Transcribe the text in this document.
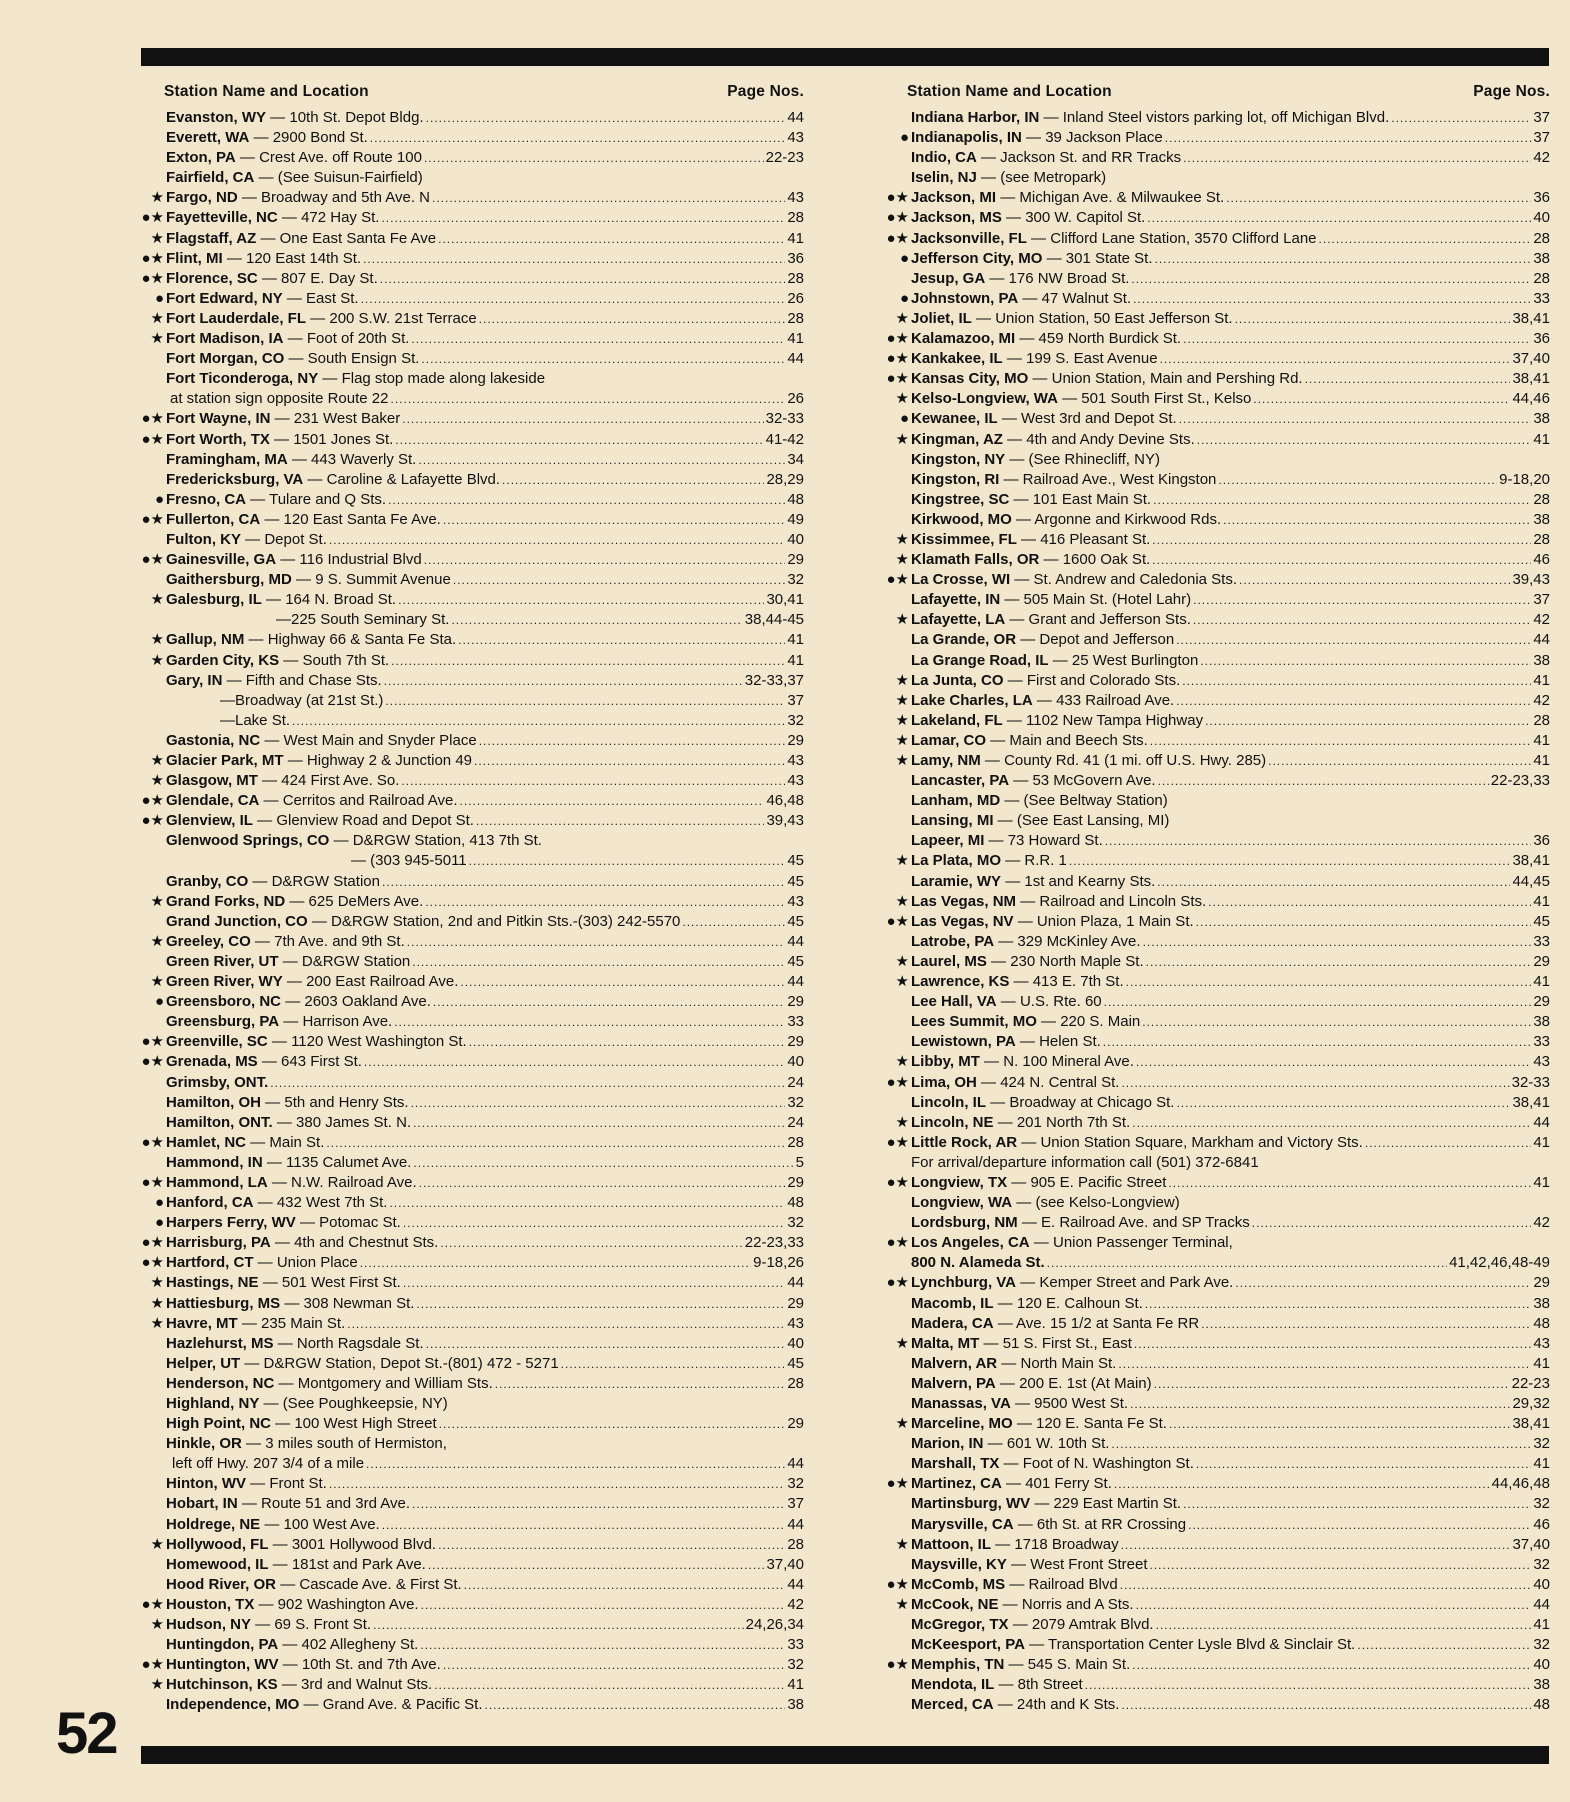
Station Name and Location	Page Nos.
Evanston, WY — 10th St. Depot Bldg. .....	44
Everett, WA — 2900 Bond St. .....	43
Exton, PA — Crest Ave. off Route 100 .....	22-23
Fairfield, CA — (See Suisun-Fairfield)
★ Fargo, ND — Broadway and 5th Ave. N .....	43
●★ Fayetteville, NC — 472 Hay St. .....	28
★ Flagstaff, AZ — One East Santa Fe Ave .....	41
●★ Flint, MI — 120 East 14th St. .....	36
●★ Florence, SC — 807 E. Day St. .....	28
● Fort Edward, NY — East St. .....	26
★ Fort Lauderdale, FL — 200 S.W. 21st Terrace .....	28
★ Fort Madison, IA — Foot of 20th St. .....	41
Fort Morgan, CO — South Ensign St. .....	44
Fort Ticonderoga, NY — Flag stop made along lakeside
at station sign opposite Route 22 .....	26
●★ Fort Wayne, IN — 231 West Baker .....	32-33
●★ Fort Worth, TX — 1501 Jones St. .....	41-42
Framingham, MA — 443 Waverly St. .....	34
Fredericksburg, VA — Caroline & Lafayette Blvd. .....	28,29
● Fresno, CA — Tulare and Q Sts. .....	48
●★ Fullerton, CA — 120 East Santa Fe Ave. .....	49
Fulton, KY — Depot St. .....	40
●★ Gainesville, GA — 116 Industrial Blvd .....	29
Gaithersburg, MD — 9 S. Summit Avenue .....	32
★ Galesburg, IL — 164 N. Broad St. .....	30,41
—225 South Seminary St. .....	38,44-45
★ Gallup, NM — Highway 66 & Santa Fe Sta. .....	41
★ Garden City, KS — South 7th St. .....	41
Gary, IN — Fifth and Chase Sts. .....	32-33,37
—Broadway (at 21st St.) .....	37
—Lake St. .....	32
Gastonia, NC — West Main and Snyder Place .....	29
★ Glacier Park, MT — Highway 2 & Junction 49 .....	43
★ Glasgow, MT — 424 First Ave. So. .....	43
●★ Glendale, CA — Cerritos and Railroad Ave. .....	46,48
●★ Glenview, IL — Glenview Road and Depot St. .....	39,43
Glenwood Springs, CO — D&RGW Station, 413 7th St.
— (303 945-5011 .....	45
Granby, CO — D&RGW Station .....	45
★ Grand Forks, ND — 625 DeMers Ave. .....	43
Grand Junction, CO — D&RGW Station, 2nd and Pitkin Sts.-(303) 242-5570 .....	45
★ Greeley, CO — 7th Ave. and 9th St. .....	44
Green River, UT — D&RGW Station .....	45
★ Green River, WY — 200 East Railroad Ave. .....	44
● Greensboro, NC — 2603 Oakland Ave. .....	29
Greensburg, PA — Harrison Ave. .....	33
●★ Greenville, SC — 1120 West Washington St. .....	29
●★ Grenada, MS — 643 First St. .....	40
Grimsby, ONT. .....	24
Hamilton, OH — 5th and Henry Sts. .....	32
Hamilton, ONT. — 380 James St. N. .....	24
●★ Hamlet, NC — Main St. .....	28
Hammond, IN — 1135 Calumet Ave. .....	5
●★ Hammond, LA — N.W. Railroad Ave. .....	29
● Hanford, CA — 432 West 7th St. .....	48
● Harpers Ferry, WV — Potomac St. .....	32
●★ Harrisburg, PA — 4th and Chestnut Sts. .....	22-23,33
●★ Hartford, CT — Union Place .....	9-18,26
★ Hastings, NE — 501 West First St. .....	44
★ Hattiesburg, MS — 308 Newman St. .....	29
★ Havre, MT — 235 Main St. .....	43
Hazlehurst, MS — North Ragsdale St. .....	40
Helper, UT — D&RGW Station, Depot St.-(801) 472 - 5271 .....	45
Henderson, NC — Montgomery and William Sts. .....	28
Highland, NY — (See Poughkeepsie, NY)
High Point, NC — 100 West High Street .....	29
Hinkle, OR — 3 miles south of Hermiston,
left off Hwy. 207 3/4 of a mile .....	44
Hinton, WV — Front St. .....	32
Hobart, IN — Route 51 and 3rd Ave. .....	37
Holdrege, NE — 100 West Ave. .....	44
★ Hollywood, FL — 3001 Hollywood Blvd. .....	28
Homewood, IL — 181st and Park Ave. .....	37,40
Hood River, OR — Cascade Ave. & First St. .....	44
●★ Houston, TX — 902 Washington Ave. .....	42
★ Hudson, NY — 69 S. Front St. .....	24,26,34
Huntingdon, PA — 402 Allegheny St. .....	33
●★ Huntington, WV — 10th St. and 7th Ave. .....	32
★ Hutchinson, KS — 3rd and Walnut Sts. .....	41
Independence, MO — Grand Ave. & Pacific St. .....	38
Station Name and Location	Page Nos.
Indiana Harbor, IN — Inland Steel vistors parking lot, off Michigan Blvd. .....	37
● Indianapolis, IN — 39 Jackson Place .....	37
Indio, CA — Jackson St. and RR Tracks .....	42
Iselin, NJ — (see Metropark)
●★ Jackson, MI — Michigan Ave. & Milwaukee St. .....	36
●★ Jackson, MS — 300 W. Capitol St. .....	40
●★ Jacksonville, FL — Clifford Lane Station, 3570 Clifford Lane .....	28
● Jefferson City, MO — 301 State St. .....	38
Jesup, GA — 176 NW Broad St. .....	28
● Johnstown, PA — 47 Walnut St. .....	33
★ Joliet, IL — Union Station, 50 East Jefferson St. .....	38,41
●★ Kalamazoo, MI — 459 North Burdick St. .....	36
●★ Kankakee, IL — 199 S. East Avenue .....	37,40
●★ Kansas City, MO — Union Station, Main and Pershing Rd. .....	38,41
★ Kelso-Longview, WA — 501 South First St., Kelso .....	44,46
● Kewanee, IL — West 3rd and Depot St. .....	38
★ Kingman, AZ — 4th and Andy Devine Sts. .....	41
Kingston, NY — (See Rhinecliff, NY)
Kingston, RI — Railroad Ave., West Kingston .....	9-18,20
Kingstree, SC — 101 East Main St. .....	28
Kirkwood, MO — Argonne and Kirkwood Rds. .....	38
★ Kissimmee, FL — 416 Pleasant St. .....	28
★ Klamath Falls, OR — 1600 Oak St. .....	46
●★ La Crosse, WI — St. Andrew and Caledonia Sts. .....	39,43
Lafayette, IN — 505 Main St. (Hotel Lahr) .....	37
★ Lafayette, LA — Grant and Jefferson Sts. .....	42
La Grande, OR — Depot and Jefferson .....	44
La Grange Road, IL — 25 West Burlington .....	38
★ La Junta, CO — First and Colorado Sts. .....	41
★ Lake Charles, LA — 433 Railroad Ave. .....	42
★ Lakeland, FL — 1102 New Tampa Highway .....	28
★ Lamar, CO — Main and Beech Sts. .....	41
★ Lamy, NM — County Rd. 41 (1 mi. off U.S. Hwy. 285) .....	41
Lancaster, PA — 53 McGovern Ave. .....	22-23,33
Lanham, MD — (See Beltway Station)
Lansing, MI — (See East Lansing, MI)
Lapeer, MI — 73 Howard St. .....	36
★ La Plata, MO — R.R. 1 .....	38,41
Laramie, WY — 1st and Kearny Sts. .....	44,45
★ Las Vegas, NM — Railroad and Lincoln Sts. .....	41
●★ Las Vegas, NV — Union Plaza, 1 Main St. .....	45
Latrobe, PA — 329 McKinley Ave. .....	33
★ Laurel, MS — 230 North Maple St. .....	29
★ Lawrence, KS — 413 E. 7th St. .....	41
Lee Hall, VA — U.S. Rte. 60 .....	29
Lees Summit, MO — 220 S. Main .....	38
Lewistown, PA — Helen St. .....	33
★ Libby, MT — N. 100 Mineral Ave. .....	43
●★ Lima, OH — 424 N. Central St. .....	32-33
Lincoln, IL — Broadway at Chicago St. .....	38,41
★ Lincoln, NE — 201 North 7th St. .....	44
●★ Little Rock, AR — Union Station Square, Markham and Victory Sts. .....	41
For arrival/departure information call (501) 372-6841
●★ Longview, TX — 905 E. Pacific Street .....	41
Longview, WA — (see Kelso-Longview)
Lordsburg, NM — E. Railroad Ave. and SP Tracks .....	42
●★ Los Angeles, CA — Union Passenger Terminal,
800 N. Alameda St. .....	41,42,46,48-49
●★ Lynchburg, VA — Kemper Street and Park Ave. .....	29
Macomb, IL — 120 E. Calhoun St. .....	38
Madera, CA — Ave. 15 1/2 at Santa Fe RR .....	48
★ Malta, MT — 51 S. First St., East .....	43
Malvern, AR — North Main St. .....	41
Malvern, PA — 200 E. 1st (At Main) .....	22-23
Manassas, VA — 9500 West St. .....	29,32
★ Marceline, MO — 120 E. Santa Fe St. .....	38,41
Marion, IN — 601 W. 10th St. .....	32
Marshall, TX — Foot of N. Washington St. .....	41
●★ Martinez, CA — 401 Ferry St. .....	44,46,48
Martinsburg, WV — 229 East Martin St. .....	32
Marysville, CA — 6th St. at RR Crossing .....	46
★ Mattoon, IL — 1718 Broadway .....	37,40
Maysville, KY — West Front Street .....	32
●★ McComb, MS — Railroad Blvd .....	40
★ McCook, NE — Norris and A Sts. .....	44
McGregor, TX — 2079 Amtrak Blvd. .....	41
McKeesport, PA — Transportation Center Lysle Blvd & Sinclair St. .....	32
●★ Memphis, TN — 545 S. Main St. .....	40
Mendota, IL — 8th Street .....	38
Merced, CA — 24th and K Sts. .....	48
52
